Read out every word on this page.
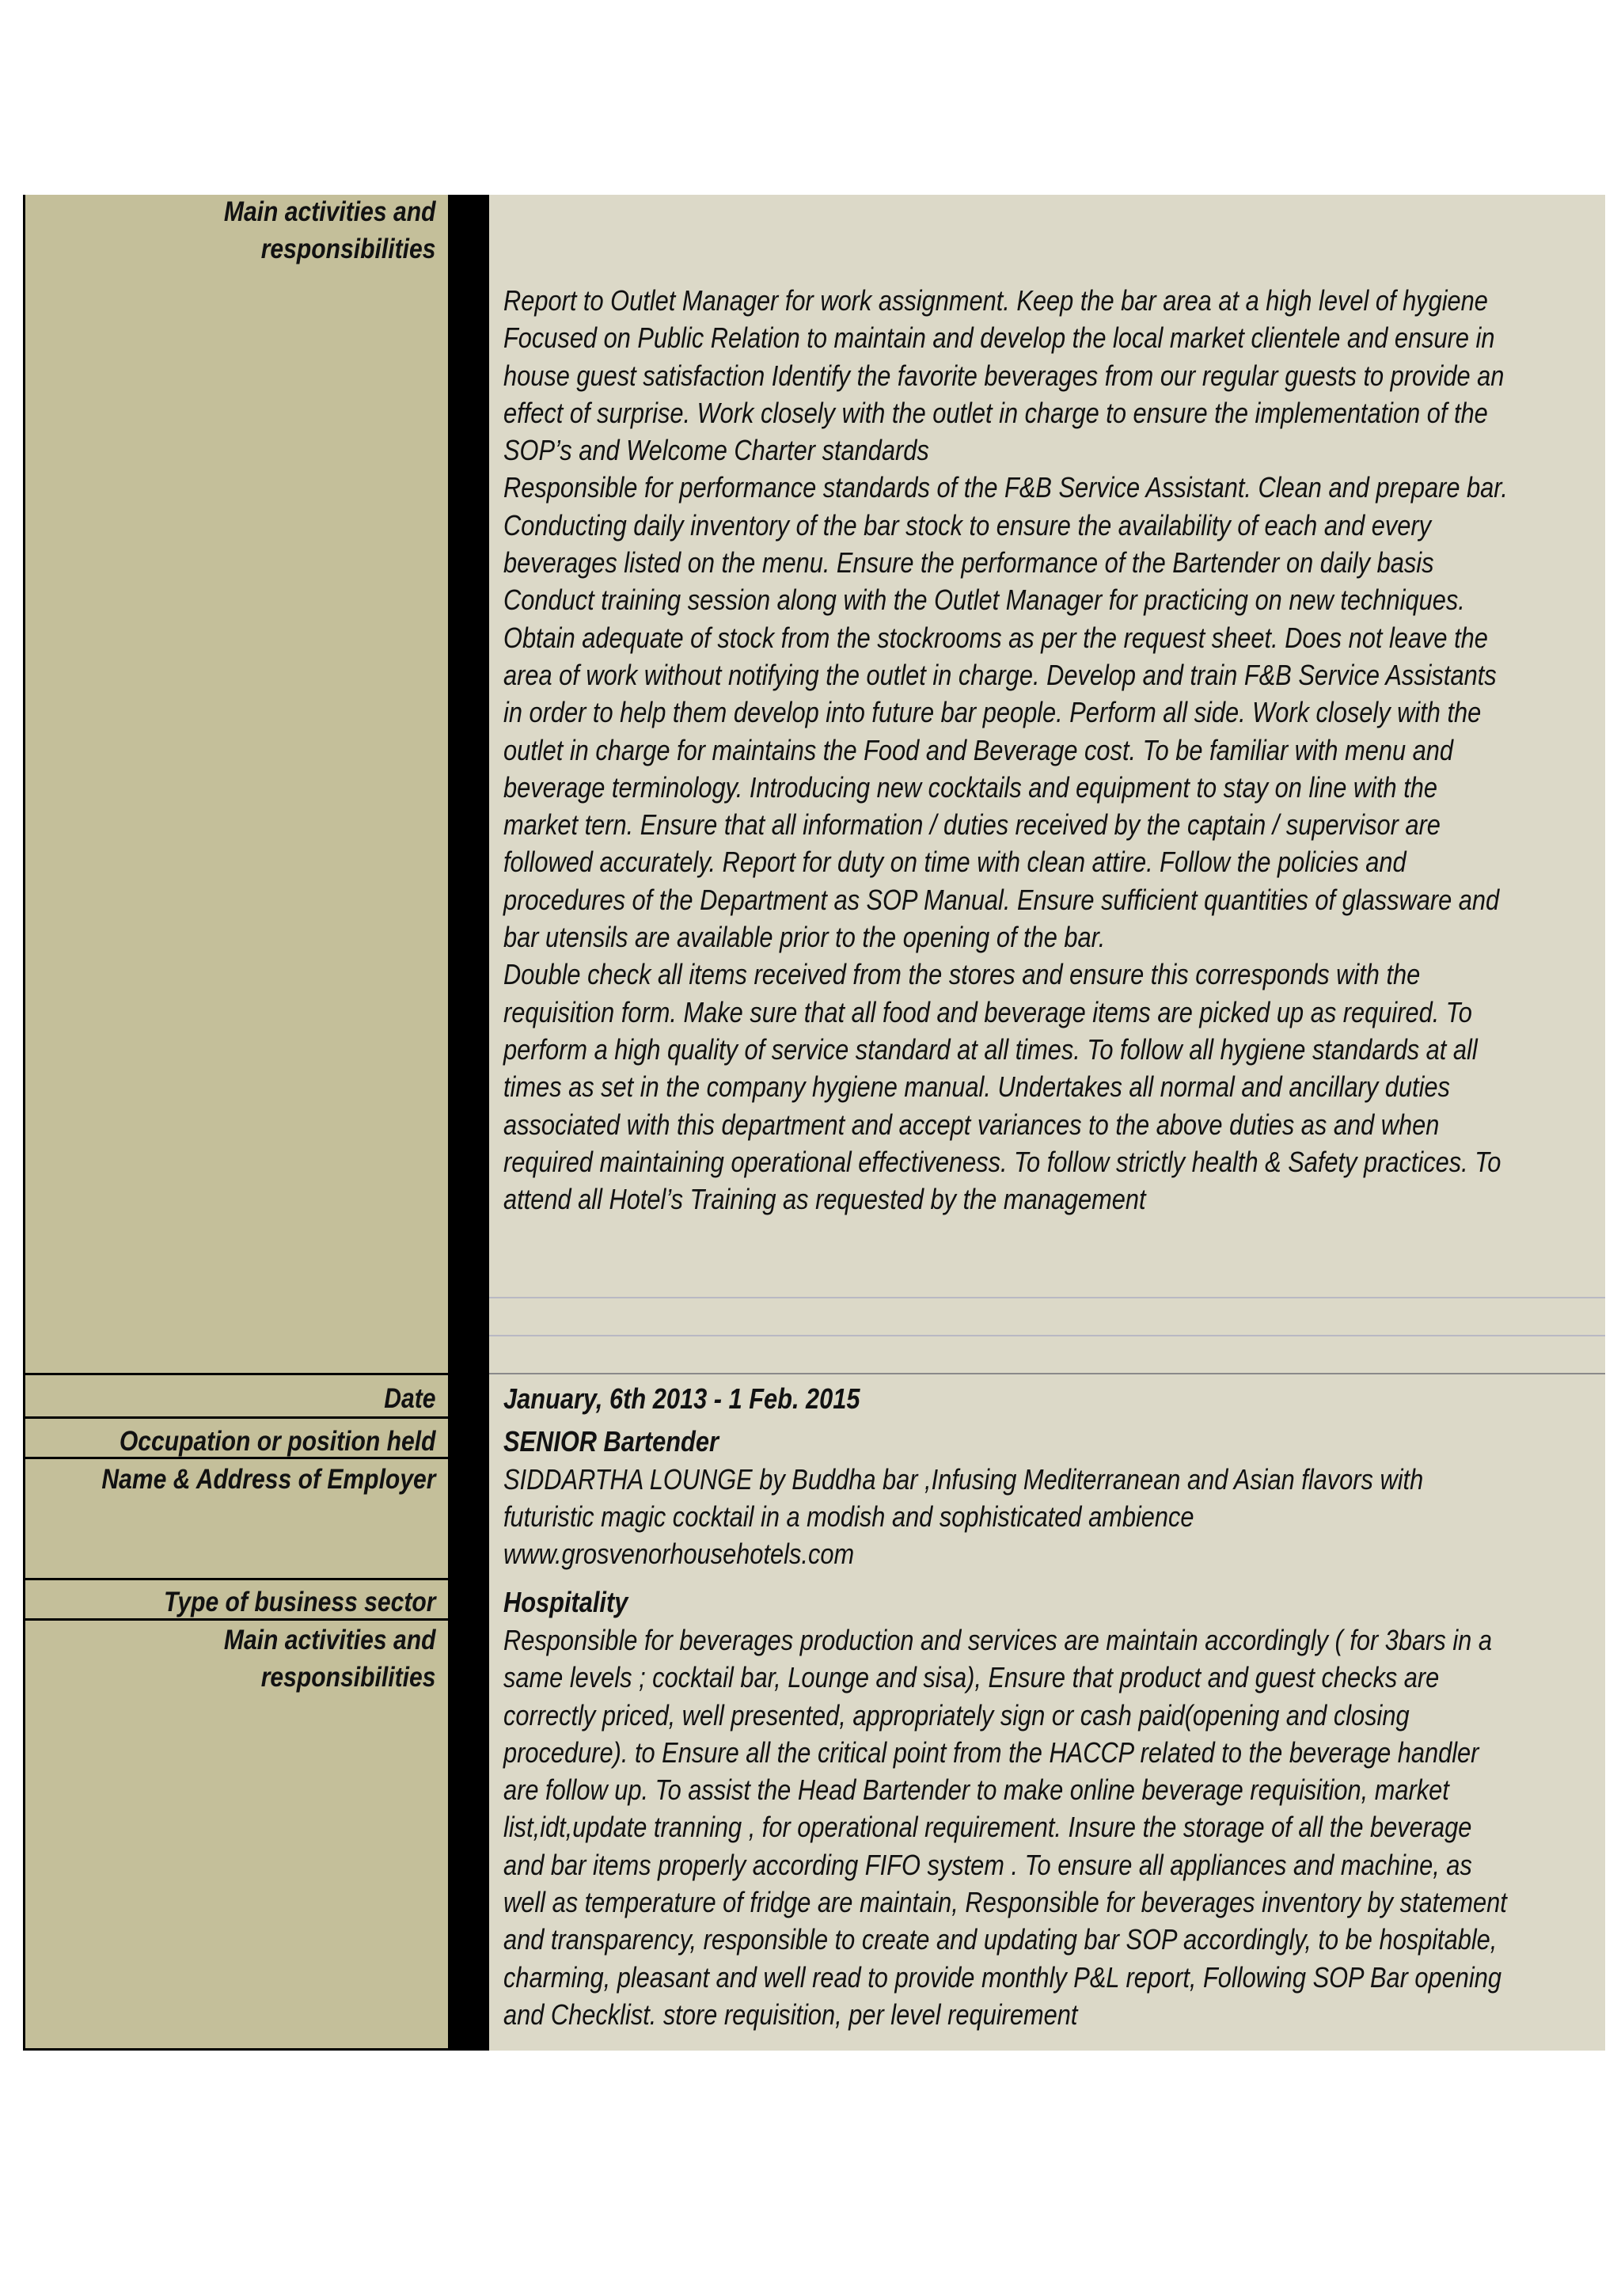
Main activities and
responsibilities
Report to Outlet Manager for work assignment. Keep the bar area at a high level of hygiene
Focused on Public Relation to maintain and develop the local market clientele and ensure in
house guest satisfaction Identify the favorite beverages from our regular guests to provide an
effect of surprise. Work closely with the outlet in charge to ensure the implementation of the
SOP’s and Welcome Charter standards
Responsible for performance standards of the F&B Service Assistant. Clean and prepare bar.
Conducting daily inventory of the bar stock to ensure the availability of each and every
beverages listed on the menu. Ensure the performance of the Bartender on daily basis
Conduct training session along with the Outlet Manager for practicing on new techniques.
Obtain adequate of stock from the stockrooms as per the request sheet. Does not leave the
area of work without notifying the outlet in charge. Develop and train F&B Service Assistants
in order to help them develop into future bar people. Perform all side. Work closely with the
outlet in charge for maintains the Food and Beverage cost. To be familiar with menu and
beverage terminology. Introducing new cocktails and equipment to stay on line with the
market tern. Ensure that all information / duties received by the captain / supervisor are
followed accurately. Report for duty on time with clean attire. Follow the policies and
procedures of the Department as SOP Manual. Ensure sufficient quantities of glassware and
bar utensils are available prior to the opening of the bar.
Double check all items received from the stores and ensure this corresponds with the
requisition form. Make sure that all food and beverage items are picked up as required. To
perform a high quality of service standard at all times. To follow all hygiene standards at all
times as set in the company hygiene manual. Undertakes all normal and ancillary duties
associated with this department and accept variances to the above duties as and when
required maintaining operational effectiveness. To follow strictly health & Safety practices. To
attend all Hotel’s Training as requested by the management
Date	January, 6th 2013 - 1 Feb. 2015
Occupation or position held	SENIOR Bartender
Name & Address of Employer	SIDDARTHA LOUNGE by Buddha bar ,Infusing Mediterranean and Asian flavors with
futuristic magic cocktail in a modish and sophisticated ambience
www.grosvenorhousehotels.com
Type of business sector	Hospitality
Main activities and
responsibilities
Responsible for beverages production and services are maintain accordingly ( for 3bars in a
same levels ; cocktail bar, Lounge and sisa), Ensure that product and guest checks are
correctly priced, well presented, appropriately sign or cash paid(opening and closing
procedure). to Ensure all the critical point from the HACCP related to the beverage handler
are follow up. To assist the Head Bartender to make online beverage requisition, market
list,idt,update tranning , for operational requirement. Insure the storage of all the beverage
and bar items properly according FIFO system . To ensure all appliances and machine, as
well as temperature of fridge are maintain, Responsible for beverages inventory by statement
and transparency, responsible to create and updating bar SOP accordingly, to be hospitable,
charming, pleasant and well read to provide monthly P&L report, Following SOP Bar opening
and Checklist. store requisition, per level requirement
